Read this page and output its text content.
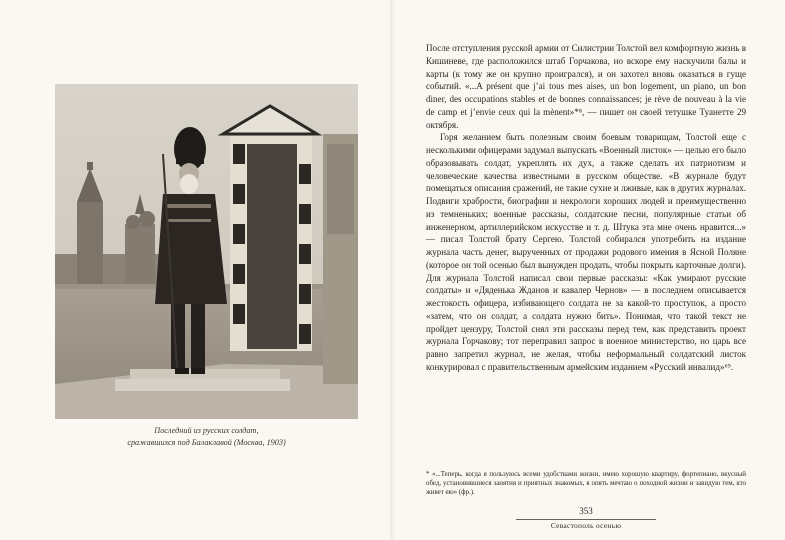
Последний из русских солдат,
сражавшихся под Балаклавой (Москва, 1903)

После отступления русской армии от Силистрии Толстой вел комфортную жизнь в Кишиневе, где расположился штаб Горчакова, но вскоре ему наскучили балы и карты (к тому же он крупно проигрался), и он захотел вновь оказаться в гуще событий. «...A présent que j’ai tous mes aises, un bon logement, un piano, un bon diner, des occupations stables et de bonnes connaissances; je rève de nouveau à la vie de camp et j’envie ceux qui la mènent»*⁸, — пишет он своей тетушке Туанетте 29 октября.

Горя желанием быть полезным своим боевым товарищам, Толстой еще с несколькими офицерами задумал выпускать «Военный листок» — целью его было образовывать солдат, укреплять их дух, а также сделать их патриотизм и человеческие качества известными в русском обществе. «В журнале будут помещаться описания сражений, не такие сухие и лживые, как в других журналах. Подвиги храбрости, биографии и некрологи хороших людей и преимущественно из темненьких; военные рассказы, солдатские песни, популярные статьи об инженерном, артиллерийском искусстве и т. д. Штука эта мне очень нравится...» — писал Толстой брату Сергею. Толстой собирался употребить на издание журнала часть денег, вырученных от продажи родового имения в Ясной Поляне (которое он той осенью был вынужден продать, чтобы покрыть карточные долги). Для журнала Толстой написал свои первые рассказы: «Как умирают русские солдаты» и «Дяденька Жданов и кавалер Чернов» — в последнем описывается жестокость офицера, избивающего солдата не за какой-то проступок, а просто «затем, что он солдат, а солдата нужно бить». Понимая, что такой текст не пройдет цензуру, Толстой снял эти рассказы перед тем, как представить проект журнала Горчакову; тот переправил запрос в военное министерство, но царь все равно запретил журнал, не желая, чтобы неформальный солдатский листок конкурировал с правительственным армейским изданием «Русский инвалид»⁶⁹.

* «...Теперь, когда я пользуюсь всеми удобствами жизни, имею хорошую квартиру, фортепиано, вкусный обед, установившиеся занятия и приятных знакомых, я опять мечтаю о походной жизни и завидую тем, кто живет ею» (фр.).
353
Севастополь осенью
